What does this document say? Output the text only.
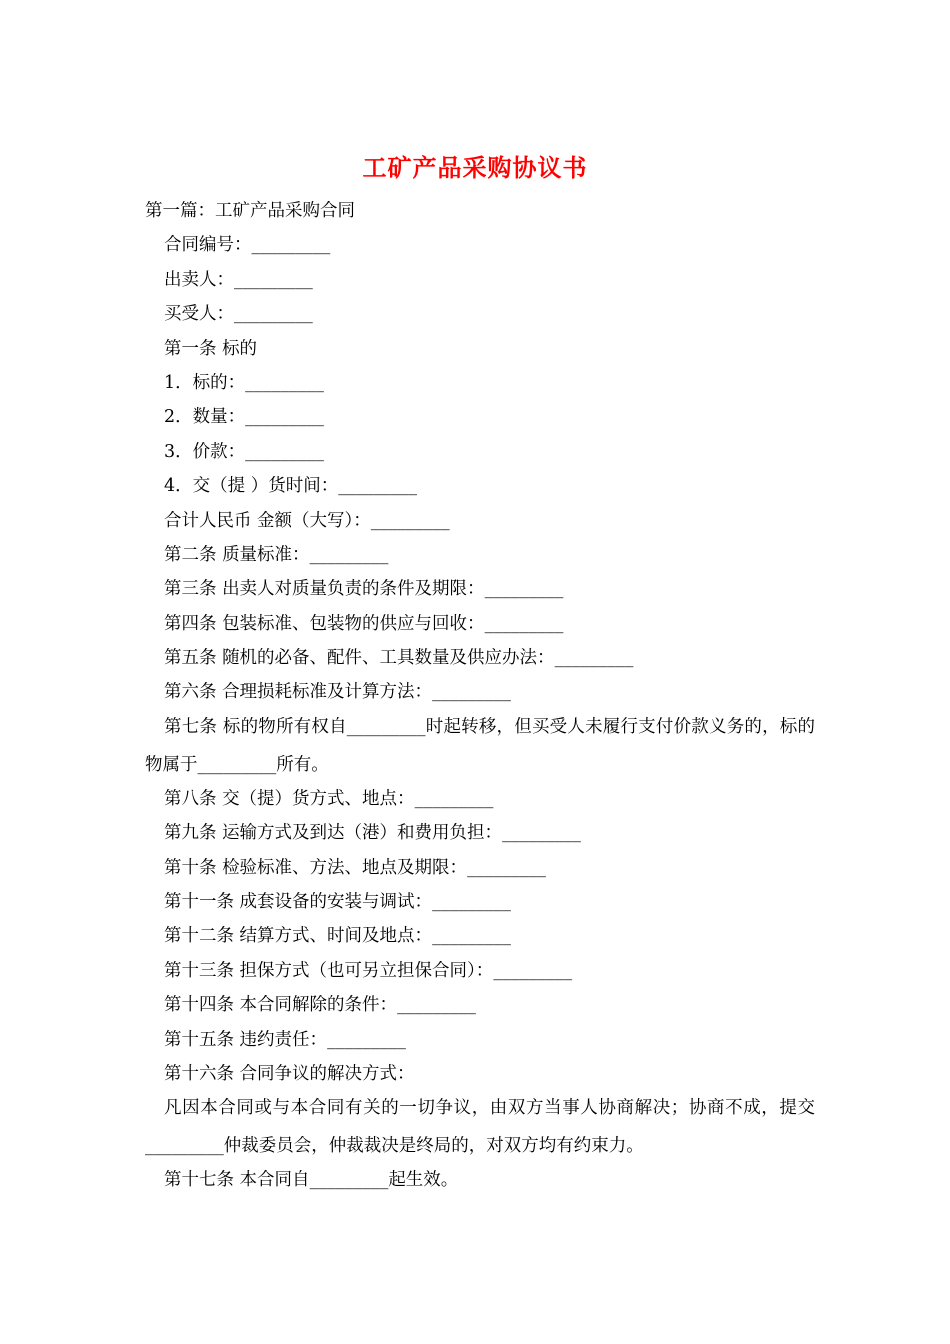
工矿产品采购协议书
第一篇：工矿产品采购合同
合同编号：_________
出卖人：_________
买受人：_________
第一条 标的
1．标的：_________
2．数量：_________
3．价款：_________
4．交（提 ）货时间：_________
合计人民币 金额（大写）：_________
第二条 质量标准：_________
第三条 出卖人对质量负责的条件及期限：_________
第四条 包装标准、包装物的供应与回收：_________
第五条 随机的必备、配件、工具数量及供应办法：_________
第六条 合理损耗标准及计算方法：_________
第七条 标的物所有权自_________时起转移，但买受人未履行支付价款义务的，标的物属于_________所有。
第八条 交（提）货方式、地点：_________
第九条 运输方式及到达（港）和费用负担：_________
第十条 检验标准、方法、地点及期限：_________
第十一条 成套设备的安装与调试：_________
第十二条 结算方式、时间及地点：_________
第十三条 担保方式（也可另立担保合同）：_________
第十四条 本合同解除的条件：_________
第十五条 违约责任：_________
第十六条 合同争议的解决方式：
凡因本合同或与本合同有关的一切争议，由双方当事人协商解决；协商不成，提交_________仲裁委员会，仲裁裁决是终局的，对双方均有约束力。
第十七条 本合同自_________起生效。
